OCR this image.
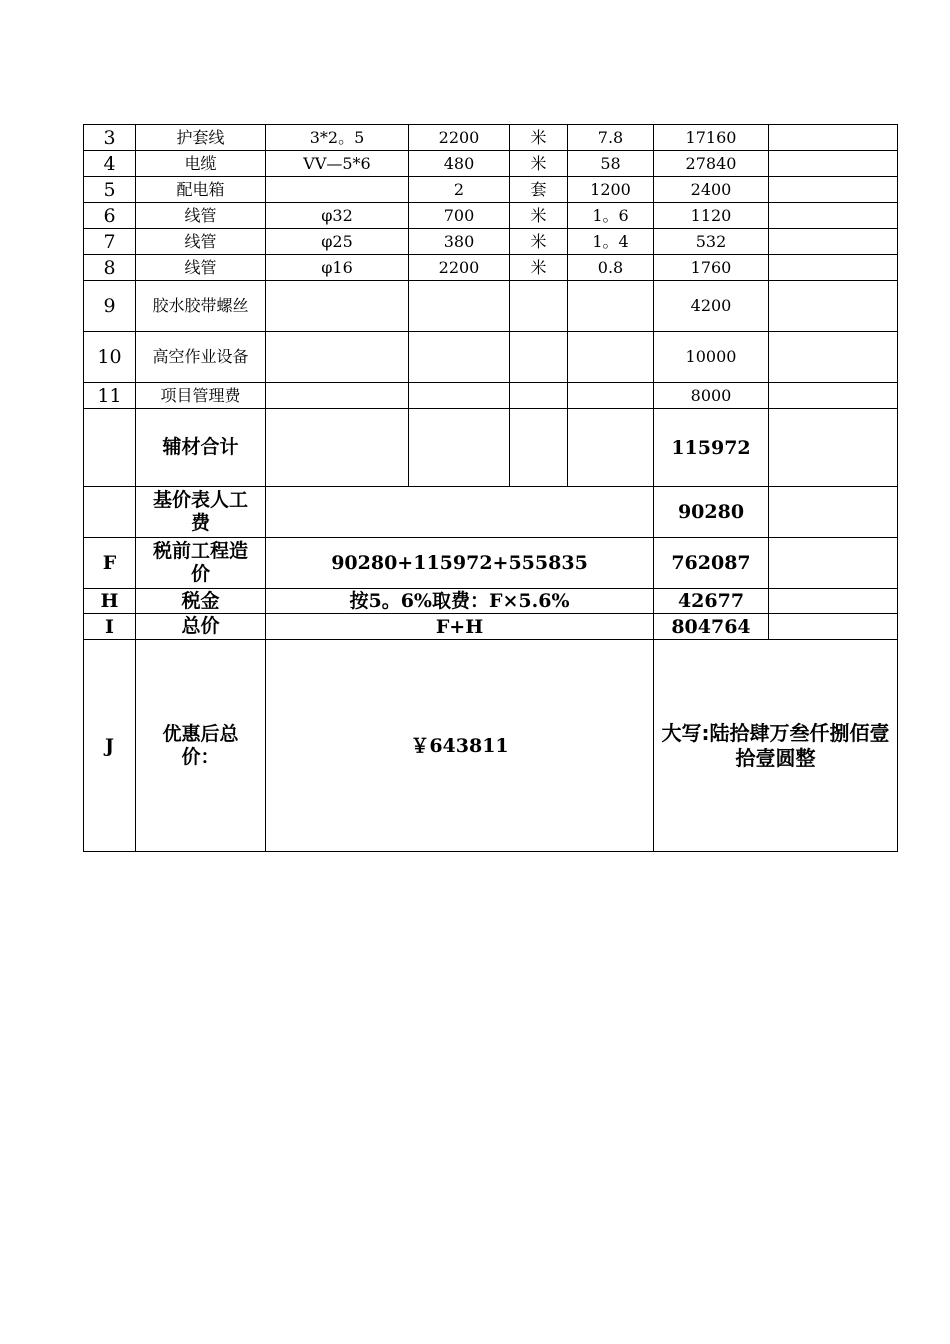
3	护套线	3*2。5	2200	米	7.8	17160	
4	电缆	VV—5*6	480	米	58	27840	
5	配电箱		2	套	1200	2400	
6	线管	φ32	700	米	1。6	1120	
7	线管	φ25	380	米	1。4	532	
8	线管	φ16	2200	米	0.8	1760	
9	胶水胶带螺丝					4200	
10	高空作业设备					10000	
11	项目管理费					8000	
	辅材合计					115972	

	基价表人工费					90280	
F	税前工程造价	90280+115972+555835				762087	
H	税金	按5。6%取费：F×5.6%				42677	
I	总价	F+H				804764	
J	优惠后总价：	￥643811				大写:陆拾肆万叁仟捌佰壹拾壹圆整	
